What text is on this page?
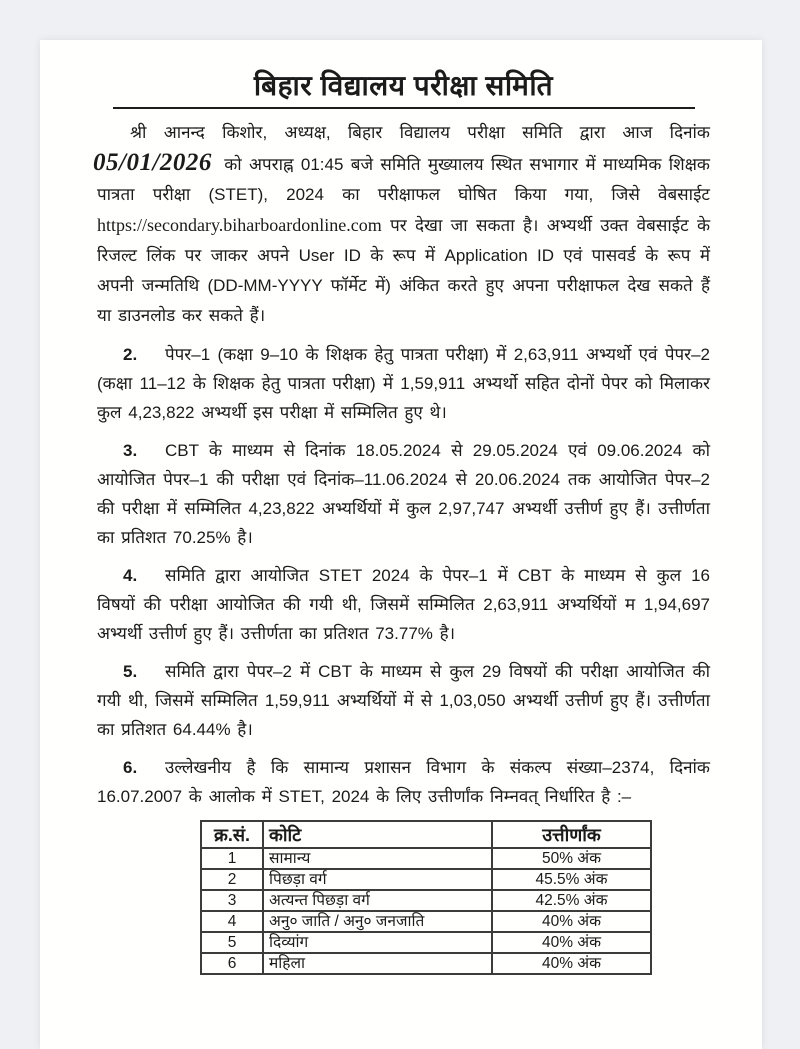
बिहार विद्यालय परीक्षा समिति

श्री आनन्द किशोर, अध्यक्ष, बिहार विद्यालय परीक्षा समिति द्वारा आज दिनांक
05/01/2026 को अपराह्न 01:45 बजे समिति मुख्यालय स्थित सभागार में माध्यमिक शिक्षक पात्रता परीक्षा (STET), 2024 का परीक्षाफल घोषित किया गया, जिसे वेबसाईट https://secondary.biharboardonline.com पर देखा जा सकता है। अभ्यर्थी उक्त वेबसाईट के रिजल्ट लिंक पर जाकर अपने User ID के रूप में Application ID एवं पासवर्ड के रूप में अपनी जन्मतिथि (DD-MM-YYYY फॉर्मेट में) अंकित करते हुए अपना परीक्षाफल देख सकते हैं या डाउनलोड कर सकते हैं।

2. पेपर–1 (कक्षा 9–10 के शिक्षक हेतु पात्रता परीक्षा) में 2,63,911 अभ्यर्थो एवं पेपर–2 (कक्षा 11–12 के शिक्षक हेतु पात्रता परीक्षा) में 1,59,911 अभ्यर्थो सहित दोनों पेपर को मिलाकर कुल 4,23,822 अभ्यर्थी इस परीक्षा में सम्मिलित हुए थे।

3. CBT के माध्यम से दिनांक 18.05.2024 से 29.05.2024 एवं 09.06.2024 को आयोजित पेपर–1 की परीक्षा एवं दिनांक–11.06.2024 से 20.06.2024 तक आयोजित पेपर–2 की परीक्षा में सम्मिलित 4,23,822 अभ्यर्थियों में कुल 2,97,747 अभ्यर्थी उत्तीर्ण हुए हैं। उत्तीर्णता का प्रतिशत 70.25% है।

4. समिति द्वारा आयोजित STET 2024 के पेपर–1 में CBT के माध्यम से कुल 16 विषयों की परीक्षा आयोजित की गयी थी, जिसमें सम्मिलित 2,63,911 अभ्यर्थियों म 1,94,697 अभ्यर्थी उत्तीर्ण हुए हैं। उत्तीर्णता का प्रतिशत 73.77% है।

5. समिति द्वारा पेपर–2 में CBT के माध्यम से कुल 29 विषयों की परीक्षा आयोजित की गयी थी, जिसमें सम्मिलित 1,59,911 अभ्यर्थियों में से 1,03,050 अभ्यर्थी उत्तीर्ण हुए हैं। उत्तीर्णता का प्रतिशत 64.44% है।

6. उल्लेखनीय है कि सामान्य प्रशासन विभाग के संकल्प संख्या–2374, दिनांक 16.07.2007 के आलोक में STET, 2024 के लिए उत्तीर्णांक निम्नवत् निर्धारित है :–

क्र.सं.	कोटि	उत्तीर्णांक
1	सामान्य	50% अंक
2	पिछड़ा वर्ग	45.5% अंक
3	अत्यन्त पिछड़ा वर्ग	42.5% अंक
4	अनु० जाति / अनु० जनजाति	40% अंक
5	दिव्यांग	40% अंक
6	महिला	40% अंक
